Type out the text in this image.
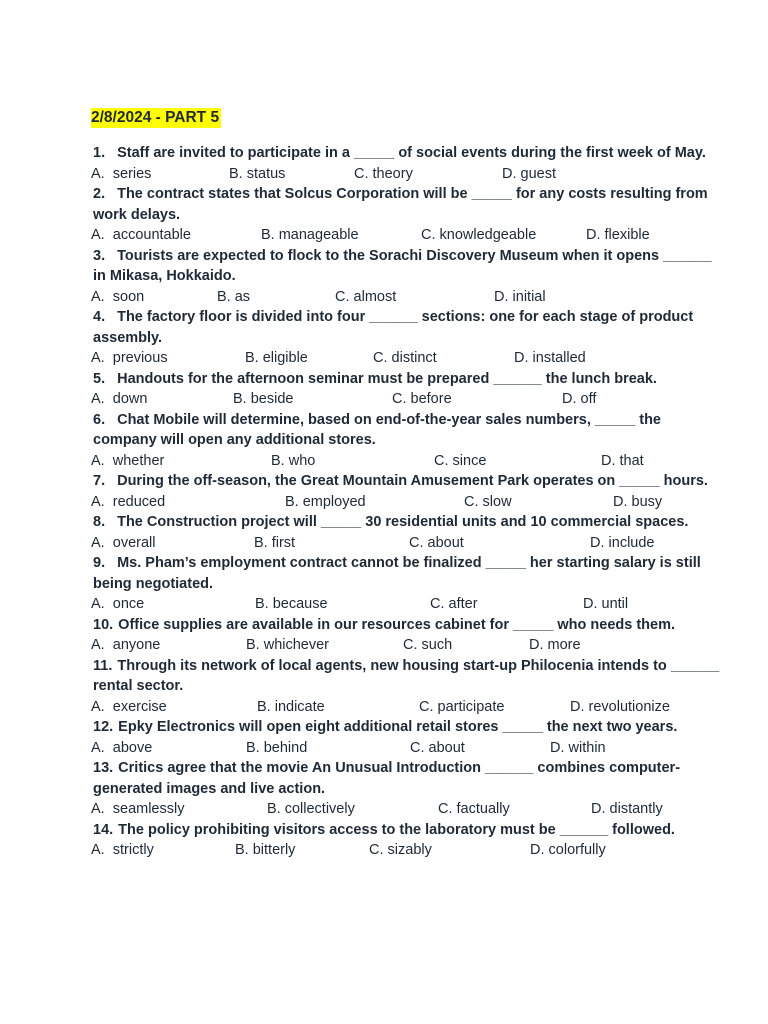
2/8/2024 - PART 5

1. Staff are invited to participate in a _____ of social events during the first week of May.

A.  series	B. status	C. theory	D. guest

2. The contract states that Solcus Corporation will be _____ for any costs resulting from work delays.

A.  accountable	B. manageable	C. knowledgeable	D. flexible

3. Tourists are expected to flock to the Sorachi Discovery Museum when it opens ______ in Mikasa, Hokkaido.

A.  soon	B. as	C. almost	D. initial

4. The factory floor is divided into four ______ sections: one for each stage of product assembly.

A.  previous	B. eligible	C. distinct	D. installed

5. Handouts for the afternoon seminar must be prepared ______ the lunch break.

A.  down	B. beside	C. before	D. off

6. Chat Mobile will determine, based on end-of-the-year sales numbers, _____ the company will open any additional stores.

A.  whether	B. who	C. since	D. that

7. During the off-season, the Great Mountain Amusement Park operates on _____ hours.

A.  reduced	B. employed	C. slow	D. busy

8. The Construction project will _____ 30 residential units and 10 commercial spaces.

A.  overall	B. first	C. about	D. include

9. Ms. Pham’s employment contract cannot be finalized _____ her starting salary is still being negotiated.

A.  once	B. because	C. after	D. until

10. Office supplies are available in our resources cabinet for _____ who needs them.

A.  anyone	B. whichever	C. such	D. more

11. Through its network of local agents, new housing start-up Philocenia intends to ______ rental sector.

A.  exercise	B. indicate	C. participate	D. revolutionize

12. Epky Electronics will open eight additional retail stores _____ the next two years.

A.  above	B. behind	C. about	D. within

13. Critics agree that the movie An Unusual Introduction ______ combines computer-generated images and live action.

A.  seamlessly	B. collectively	C. factually	D. distantly

14. The policy prohibiting visitors access to the laboratory must be ______ followed.

A.  strictly	B. bitterly	C. sizably	D. colorfully
